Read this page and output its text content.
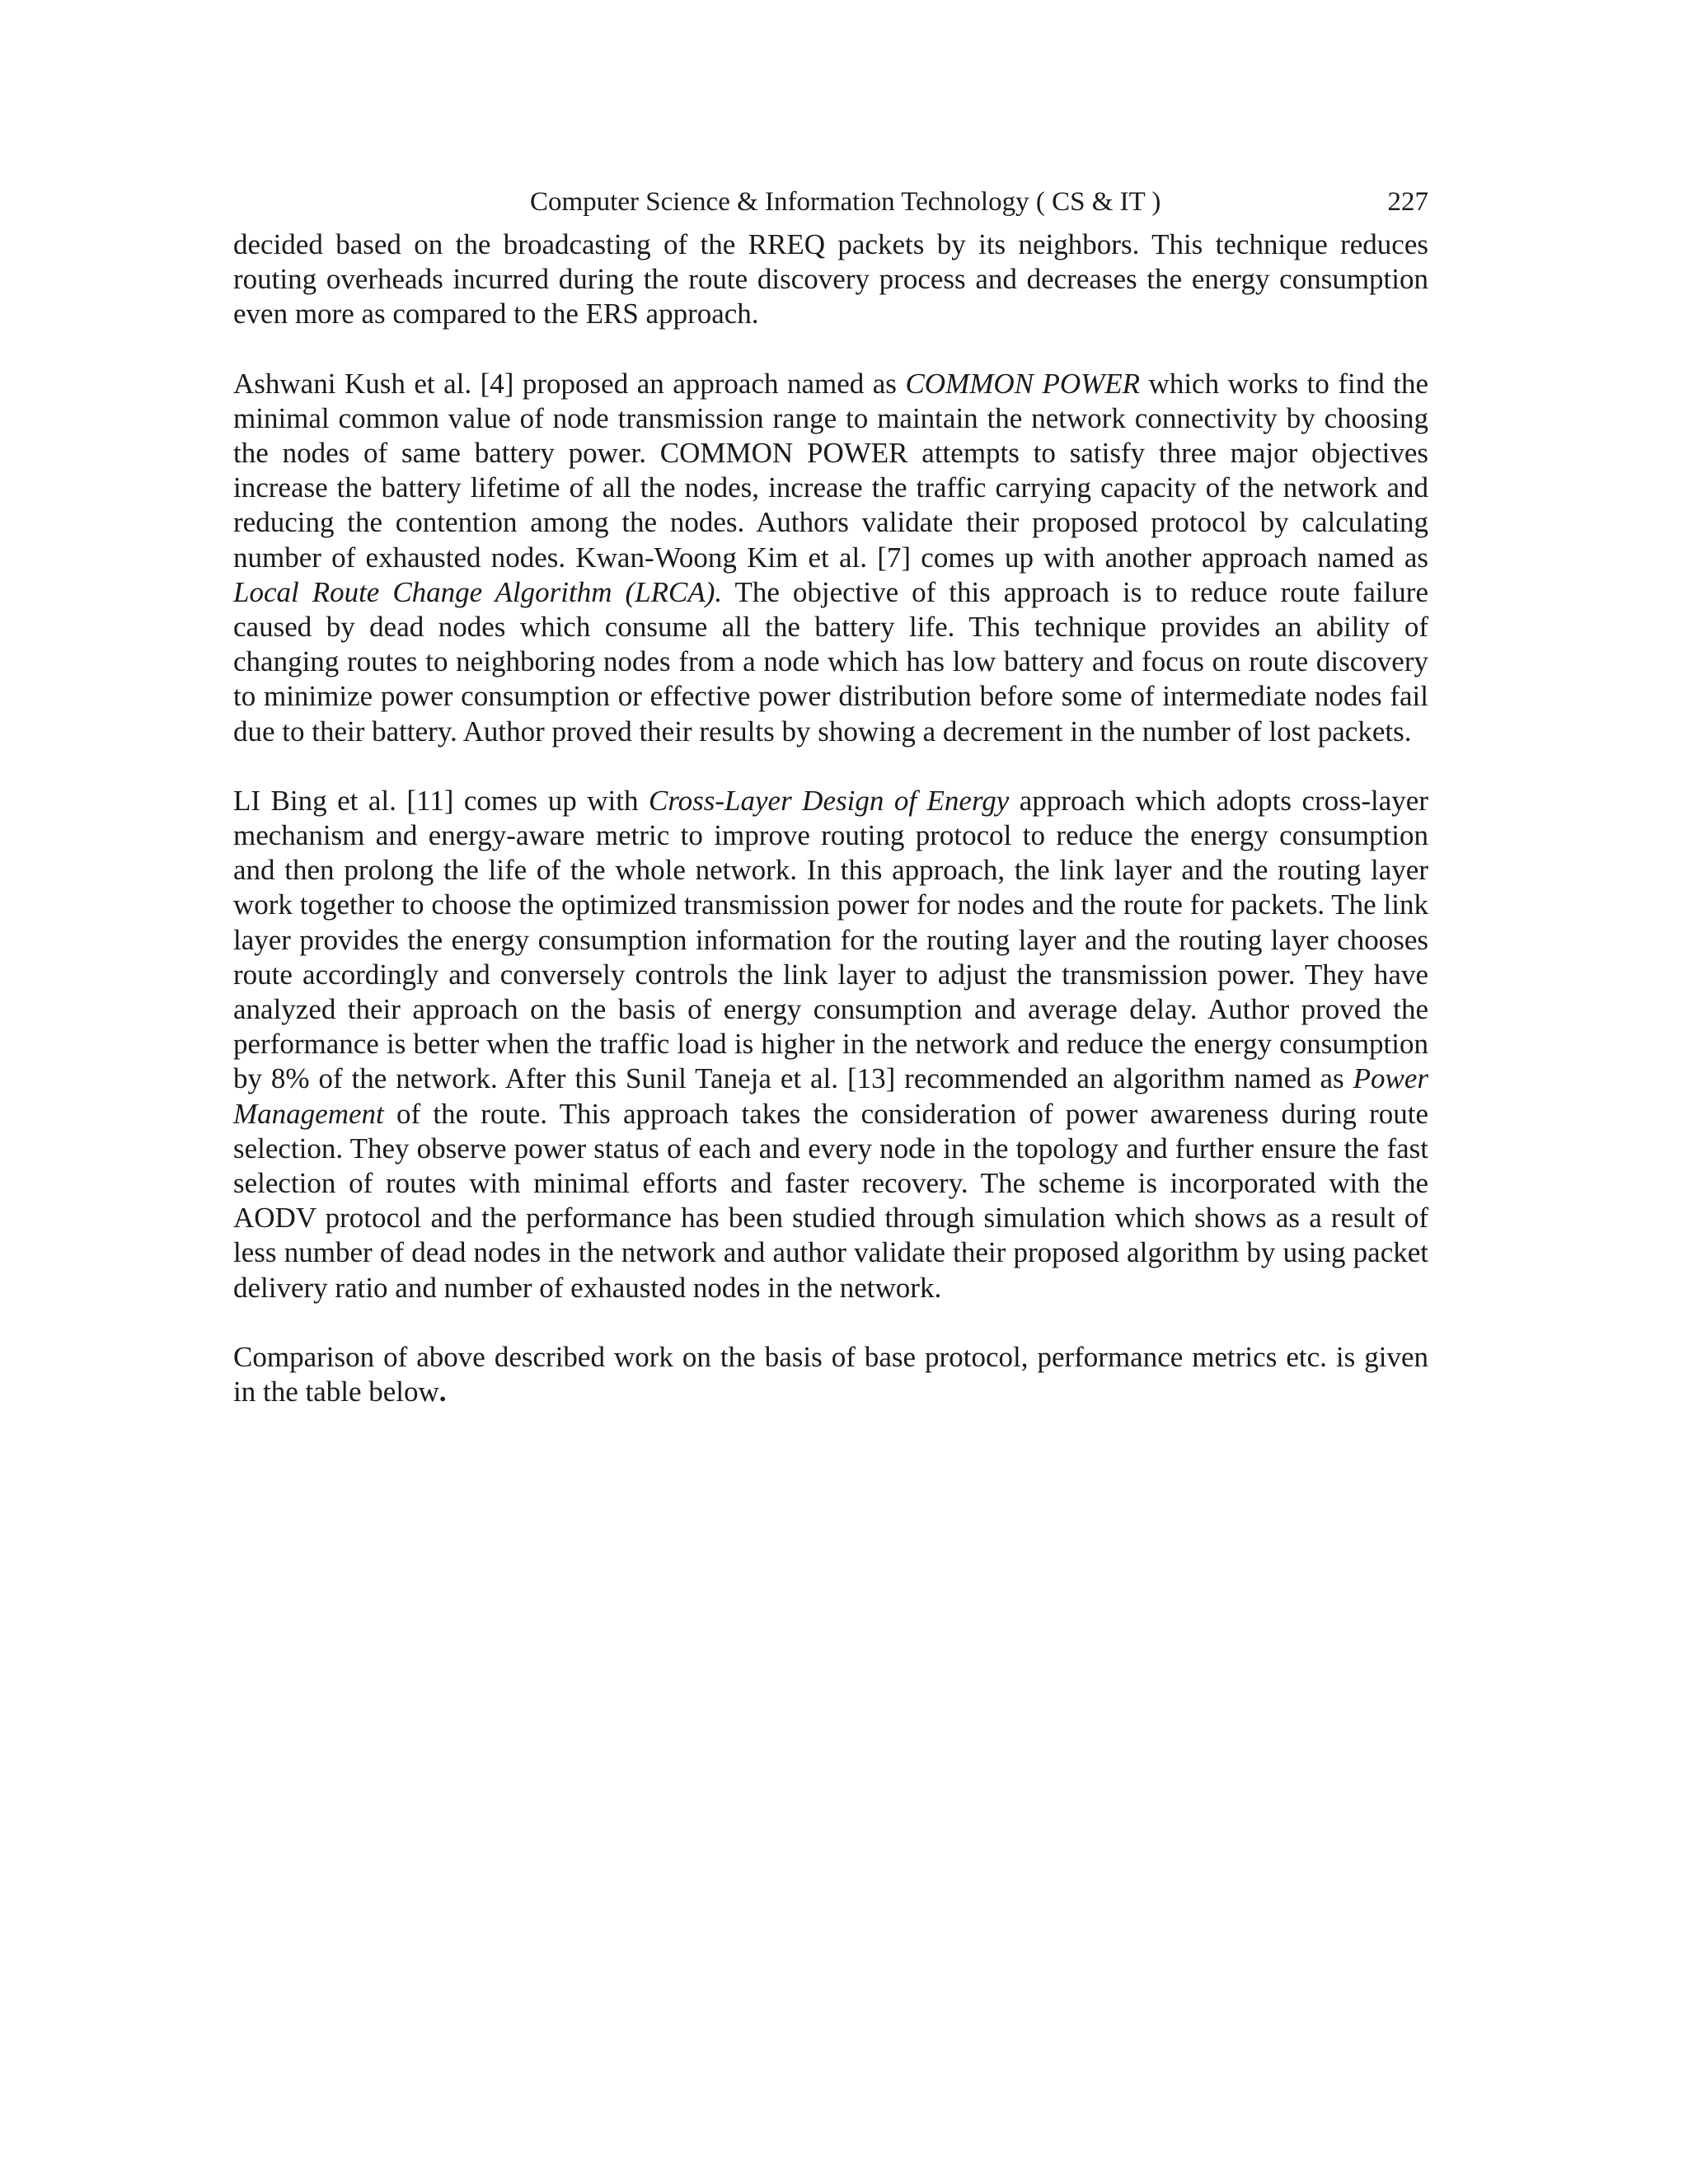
Computer Science & Information Technology ( CS & IT )	227

decided based on the broadcasting of the RREQ packets by its neighbors. This technique reduces routing overheads incurred during the route discovery process and decreases the energy consumption even more as compared to the ERS approach.

Ashwani Kush et al. [4] proposed an approach named as COMMON POWER which works to find the minimal common value of node transmission range to maintain the network connectivity by choosing the nodes of same battery power. COMMON POWER attempts to satisfy three major objectives increase the battery lifetime of all the nodes, increase the traffic carrying capacity of the network and reducing the contention among the nodes. Authors validate their proposed protocol by calculating number of exhausted nodes. Kwan-Woong Kim et al. [7] comes up with another approach named as Local Route Change Algorithm (LRCA). The objective of this approach is to reduce route failure caused by dead nodes which consume all the battery life. This technique provides an ability of changing routes to neighboring nodes from a node which has low battery and focus on route discovery to minimize power consumption or effective power distribution before some of intermediate nodes fail due to their battery. Author proved their results by showing a decrement in the number of lost packets.

LI Bing et al. [11] comes up with Cross-Layer Design of Energy approach which adopts cross-layer mechanism and energy-aware metric to improve routing protocol to reduce the energy consumption and then prolong the life of the whole network. In this approach, the link layer and the routing layer work together to choose the optimized transmission power for nodes and the route for packets. The link layer provides the energy consumption information for the routing layer and the routing layer chooses route accordingly and conversely controls the link layer to adjust the transmission power. They have analyzed their approach on the basis of energy consumption and average delay. Author proved the performance is better when the traffic load is higher in the network and reduce the energy consumption by 8% of the network. After this Sunil Taneja et al. [13] recommended an algorithm named as Power Management of the route. This approach takes the consideration of power awareness during route selection. They observe power status of each and every node in the topology and further ensure the fast selection of routes with minimal efforts and faster recovery. The scheme is incorporated with the AODV protocol and the performance has been studied through simulation which shows as a result of less number of dead nodes in the network and author validate their proposed algorithm by using packet delivery ratio and number of exhausted nodes in the network.

Comparison of above described work on the basis of base protocol, performance metrics etc. is given in the table below.
